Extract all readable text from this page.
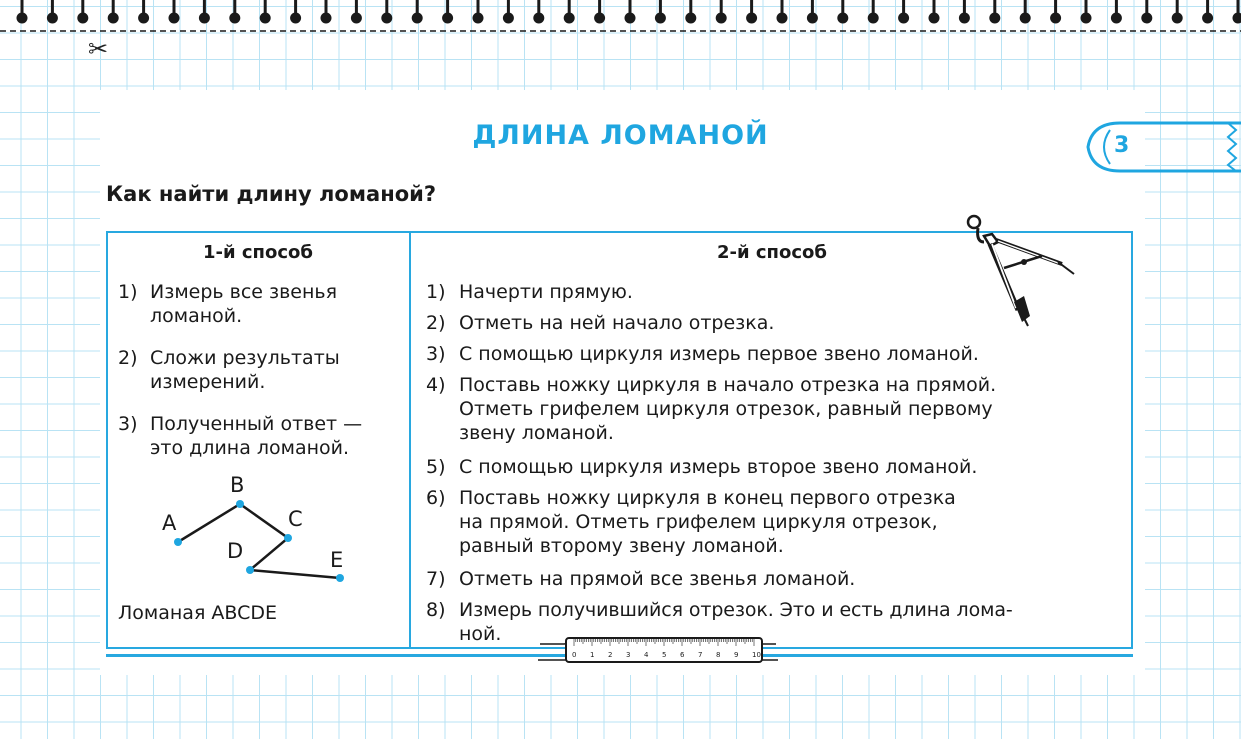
✂
ДЛИНА ЛОМАНОЙ	3
Как найти длину ломаной?
1-й способ
1) Измерь все звенья
ломаной.
2) Сложи результаты
измерений.
3) Полученный ответ —
это длина ломаной.
A
B
C
D	E
Ломаная ABCDE
2-й способ
1) Начерти прямую.
2) Отметь на ней начало отрезка.
3) С помощью циркуля измерь первое звено ломаной.
4) Поставь ножку циркуля в начало отрезка на прямой.
Отметь грифелем циркуля отрезок, равный первому
звену ломаной.
5) С помощью циркуля измерь второе звено ломаной.
6) Поставь ножку циркуля в конец первого отрезка
на прямой. Отметь грифелем циркуля отрезок,
равный второму звену ломаной.
7) Отметь на прямой все звенья ломаной.
8) Измерь получившийся отрезок. Это и есть длина лома-
ной.
0 1 2 3 4 5 6 7 8 9 10
